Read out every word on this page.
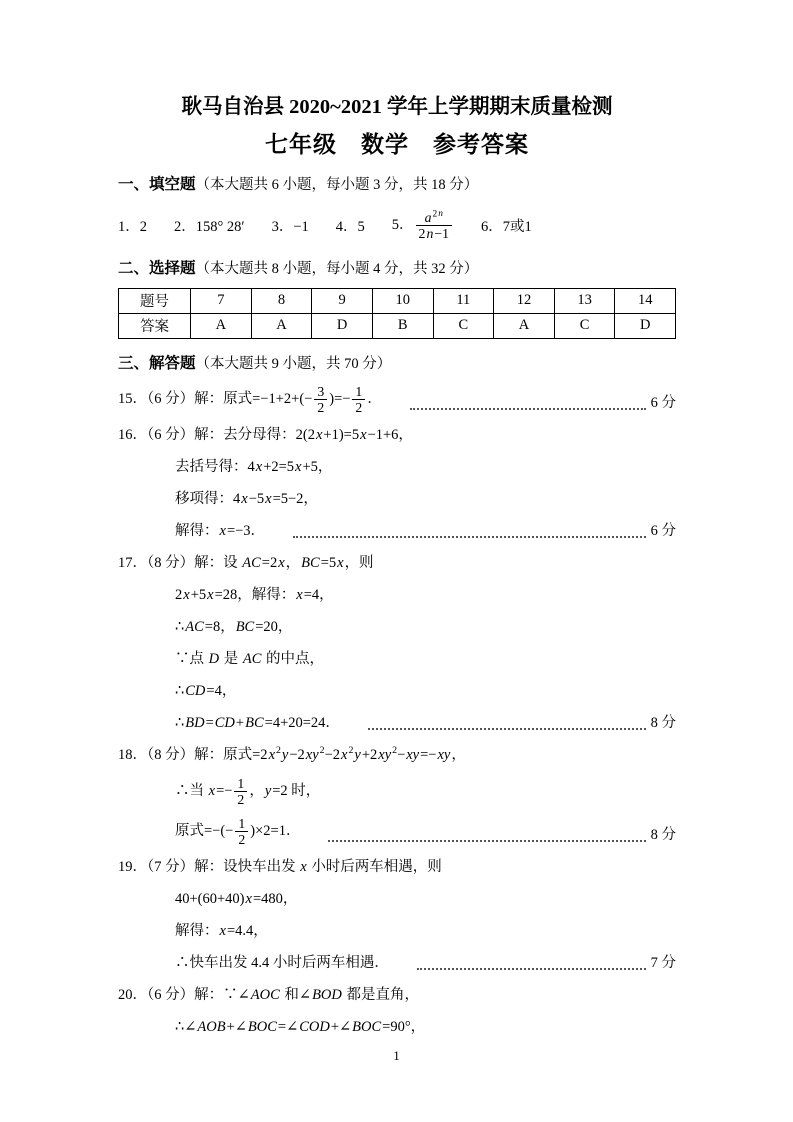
耿马自治县 2020~2021 学年上学期期末质量检测
七年级　数学　参考答案
一、填空题（本大题共 6 小题，每小题 3 分，共 18 分）
1．2 2．158° 28′ 3．−1 4．5 5． $\frac{a^{2n}}{2n-1} 6$．7或1
二、选择题（本大题共 8 小题，每小题 4 分，共 32 分）
题号	7	8	9	10	11	12	13	14
答案	A	A	D	B	C	A	C	D
三、解答题（本大题共 9 小题，共 70 分）
15．（6 分）解：原式$=-1+2+(- \frac{3}{2}$ )=− $\frac{1}{2}$ ．	6 分
16．（6 分）解：去分母得：2(2x+1)=5x−1+6，
去括号得：4x+2=5x+5，
移项得：4x−5x=5−2，
解得：x=−3．	6 分
17．（8 分）解：设 AC=2x，BC=5x，则
2x+5x=28，解得：x=4，
∴AC=8，BC=20，
∵点 D 是 AC 的中点，
∴CD=4，
∴BD=CD+BC=4+20=24．	8 分
18．（8 分）解：原式$=2x^2y-2xy^2-2x^2y+2xy^2-xy=-xy$，
∴当 $x=- \frac{1}{2}$ ，y=2 时，
原式=−(− $\frac{1}{2} )\times 2=1$．	8 分
19．（7 分）解：设快车出发 x 小时后两车相遇，则
40+(60+40)x=480，
解得：x=4.4，
∴快车出发 4.4 小时后两车相遇．	7 分
20．（6 分）解：∵∠AOC 和∠BOD 都是直角，
∴∠AOB+∠BOC=∠COD+∠BOC=90°，
1
